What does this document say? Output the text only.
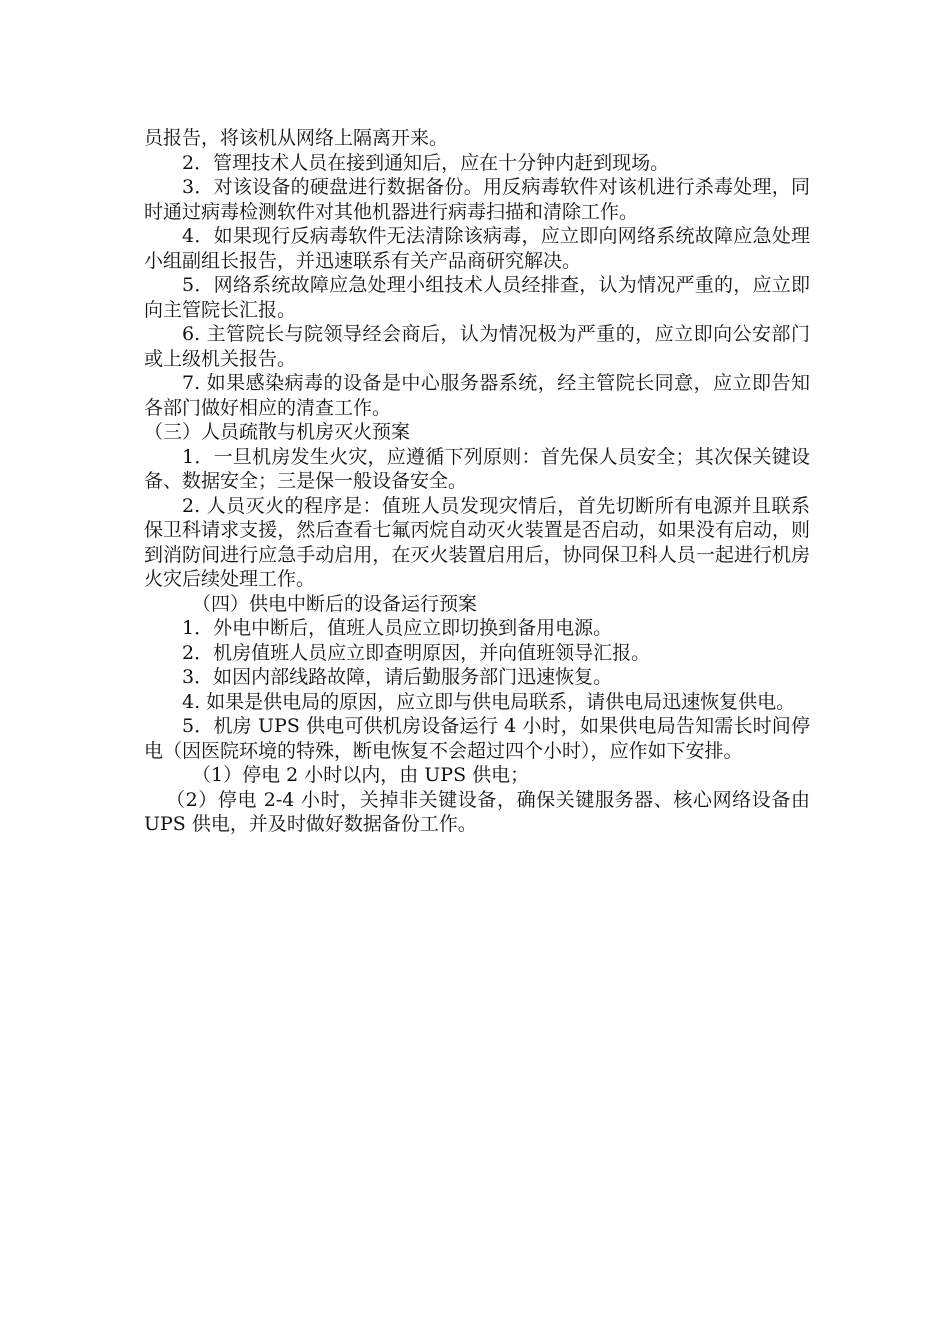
员报告，将该机从网络上隔离开来。

2．管理技术人员在接到通知后，应在十分钟内赶到现场。

3．对该设备的硬盘进行数据备份。用反病毒软件对该机进行杀毒处理，同时通过病毒检测软件对其他机器进行病毒扫描和清除工作。

4．如果现行反病毒软件无法清除该病毒，应立即向网络系统故障应急处理小组副组长报告，并迅速联系有关产品商研究解决。

5．网络系统故障应急处理小组技术人员经排查，认为情况严重的，应立即向主管院长汇报。

6. 主管院长与院领导经会商后，认为情况极为严重的，应立即向公安部门或上级机关报告。

7. 如果感染病毒的设备是中心服务器系统，经主管院长同意，应立即告知各部门做好相应的清查工作。

（三）人员疏散与机房灭火预案

1．一旦机房发生火灾，应遵循下列原则：首先保人员安全；其次保关键设备、数据安全；三是保一般设备安全。

2. 人员灭火的程序是：值班人员发现灾情后，首先切断所有电源并且联系保卫科请求支援，然后查看七氟丙烷自动灭火装置是否启动，如果没有启动，则到消防间进行应急手动启用，在灭火装置启用后，协同保卫科人员一起进行机房火灾后续处理工作。

（四）供电中断后的设备运行预案

1．外电中断后，值班人员应立即切换到备用电源。

2．机房值班人员应立即查明原因，并向值班领导汇报。

3．如因内部线路故障，请后勤服务部门迅速恢复。

4. 如果是供电局的原因，应立即与供电局联系，请供电局迅速恢复供电。

5．机房 UPS 供电可供机房设备运行 4 小时，如果供电局告知需长时间停电（因医院环境的特殊，断电恢复不会超过四个小时），应作如下安排。

（1）停电 2 小时以内，由 UPS 供电；

（2）停电 2-4 小时，关掉非关键设备，确保关键服务器、核心网络设备由 UPS 供电，并及时做好数据备份工作。
